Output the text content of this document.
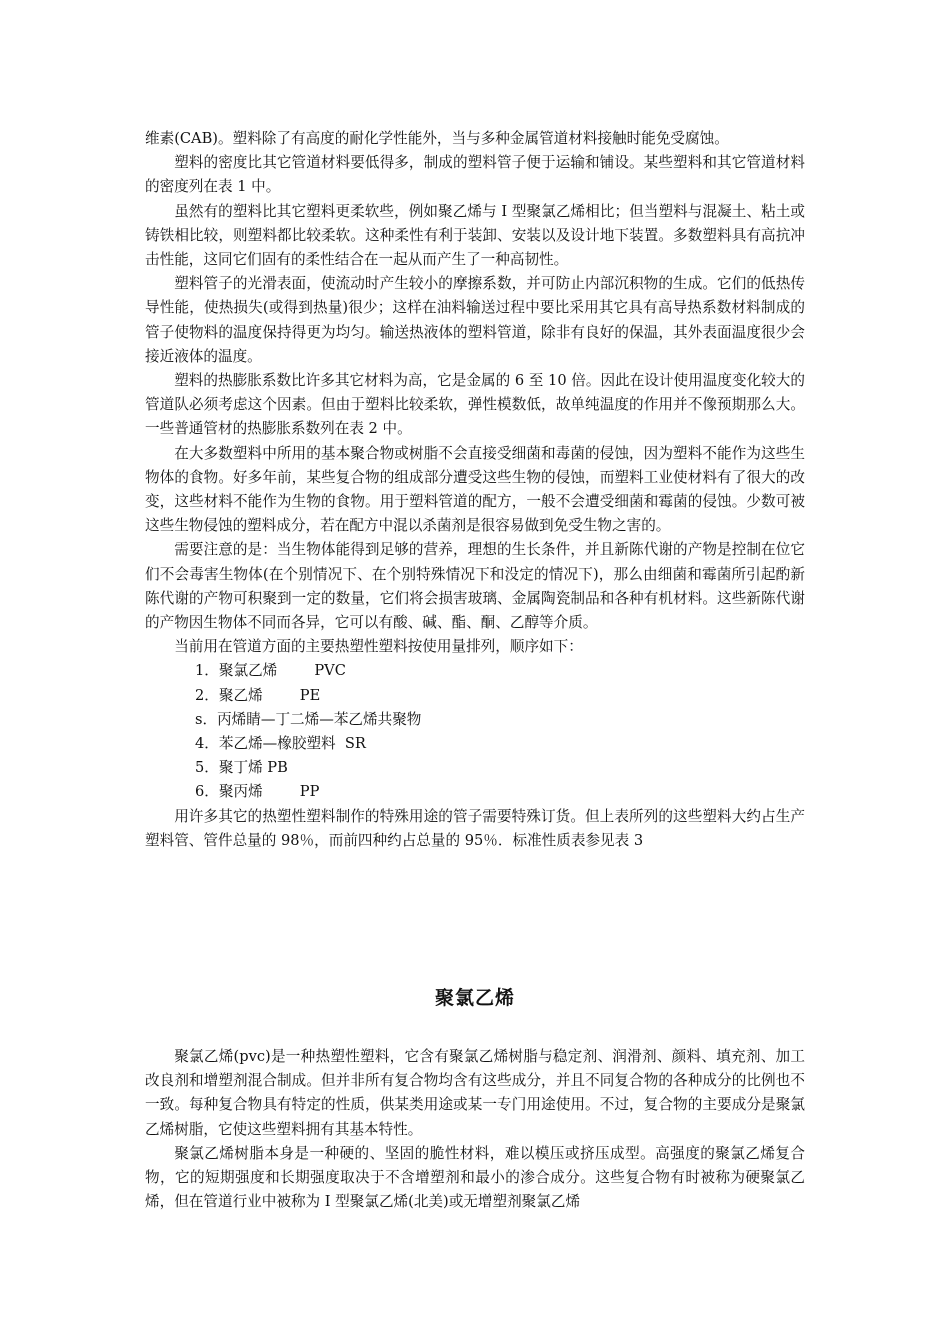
维素(CAB)。塑料除了有高度的耐化学性能外，当与多种金属管道材料接触时能免受腐蚀。

塑料的密度比其它管道材料要低得多，制成的塑料管子便于运输和铺设。某些塑料和其它管道材料的密度列在表 1 中。

虽然有的塑料比其它塑料更柔软些，例如聚乙烯与 I 型聚氯乙烯相比；但当塑料与混凝土、粘土或铸铁相比较，则塑料都比较柔软。这种柔性有利于装卸、安装以及设计地下装置。多数塑料具有高抗冲击性能，这同它们固有的柔性结合在一起从而产生了一种高韧性。

塑料管子的光滑表面，使流动时产生较小的摩擦系数，并可防止内部沉积物的生成。它们的低热传导性能，使热损失(或得到热量)很少；这样在油料输送过程中要比采用其它具有高导热系数材料制成的管子使物料的温度保持得更为均匀。输送热液体的塑料管道，除非有良好的保温，其外表面温度很少会接近液体的温度。

塑料的热膨胀系数比许多其它材料为高，它是金属的 6 至 10 倍。因此在设计使用温度变化较大的管道队必须考虑这个因素。但由于塑料比较柔软，弹性模数低，故单纯温度的作用并不像预期那么大。一些普通管材的热膨胀系数列在表 2 中。

在大多数塑料中所用的基本聚合物或树脂不会直接受细菌和毒菌的侵蚀，因为塑料不能作为这些生物体的食物。好多年前，某些复合物的组成部分遭受这些生物的侵蚀，而塑料工业使材料有了很大的改变，这些材料不能作为生物的食物。用于塑料管道的配方，一般不会遭受细菌和霉菌的侵蚀。少数可被这些生物侵蚀的塑料成分，若在配方中混以杀菌剂是很容易做到免受生物之害的。

需要注意的是：当生物体能得到足够的营养，理想的生长条件，并且新陈代谢的产物是控制在位它们不会毒害生物体(在个别情况下、在个别特殊情况下和没定的情况下)，那么由细菌和霉菌所引起酌新陈代谢的产物可积聚到一定的数量，它们将会损害玻璃、金属陶瓷制品和各种有机材料。这些新陈代谢的产物因生物体不同而各异，它可以有酸、碱、酯、酮、乙醇等介质。

当前用在管道方面的主要热塑性塑料按使用量排列，顺序如下：

1．聚氯乙烯        PVC
2．聚乙烯        PE
s．丙烯睛—丁二烯—苯乙烯共聚物
4．苯乙烯—橡胶塑料  SR
5．聚丁烯 PB
6．聚丙烯        PP

用许多其它的热塑性塑料制作的特殊用途的管子需要特殊订货。但上表所列的这些塑料大约占生产塑料管、管件总量的 98％，而前四种约占总量的 95％．标准性质表参见表 3

聚氯乙烯

聚氯乙烯(pvc)是一种热塑性塑料，它含有聚氯乙烯树脂与稳定剂、润滑剂、颜料、填充剂、加工改良剂和增塑剂混合制成。但并非所有复合物均含有这些成分，并且不同复合物的各种成分的比例也不一致。每种复合物具有特定的性质，供某类用途或某一专门用途使用。不过，复合物的主要成分是聚氯乙烯树脂，它使这些塑料拥有其基本特性。

聚氯乙烯树脂本身是一种硬的、坚固的脆性材料，难以模压或挤压成型。高强度的聚氯乙烯复合物，它的短期强度和长期强度取决于不含增塑剂和最小的渗合成分。这些复合物有时被称为硬聚氯乙烯，但在管道行业中被称为 I 型聚氯乙烯(北美)或无增塑剂聚氯乙烯
